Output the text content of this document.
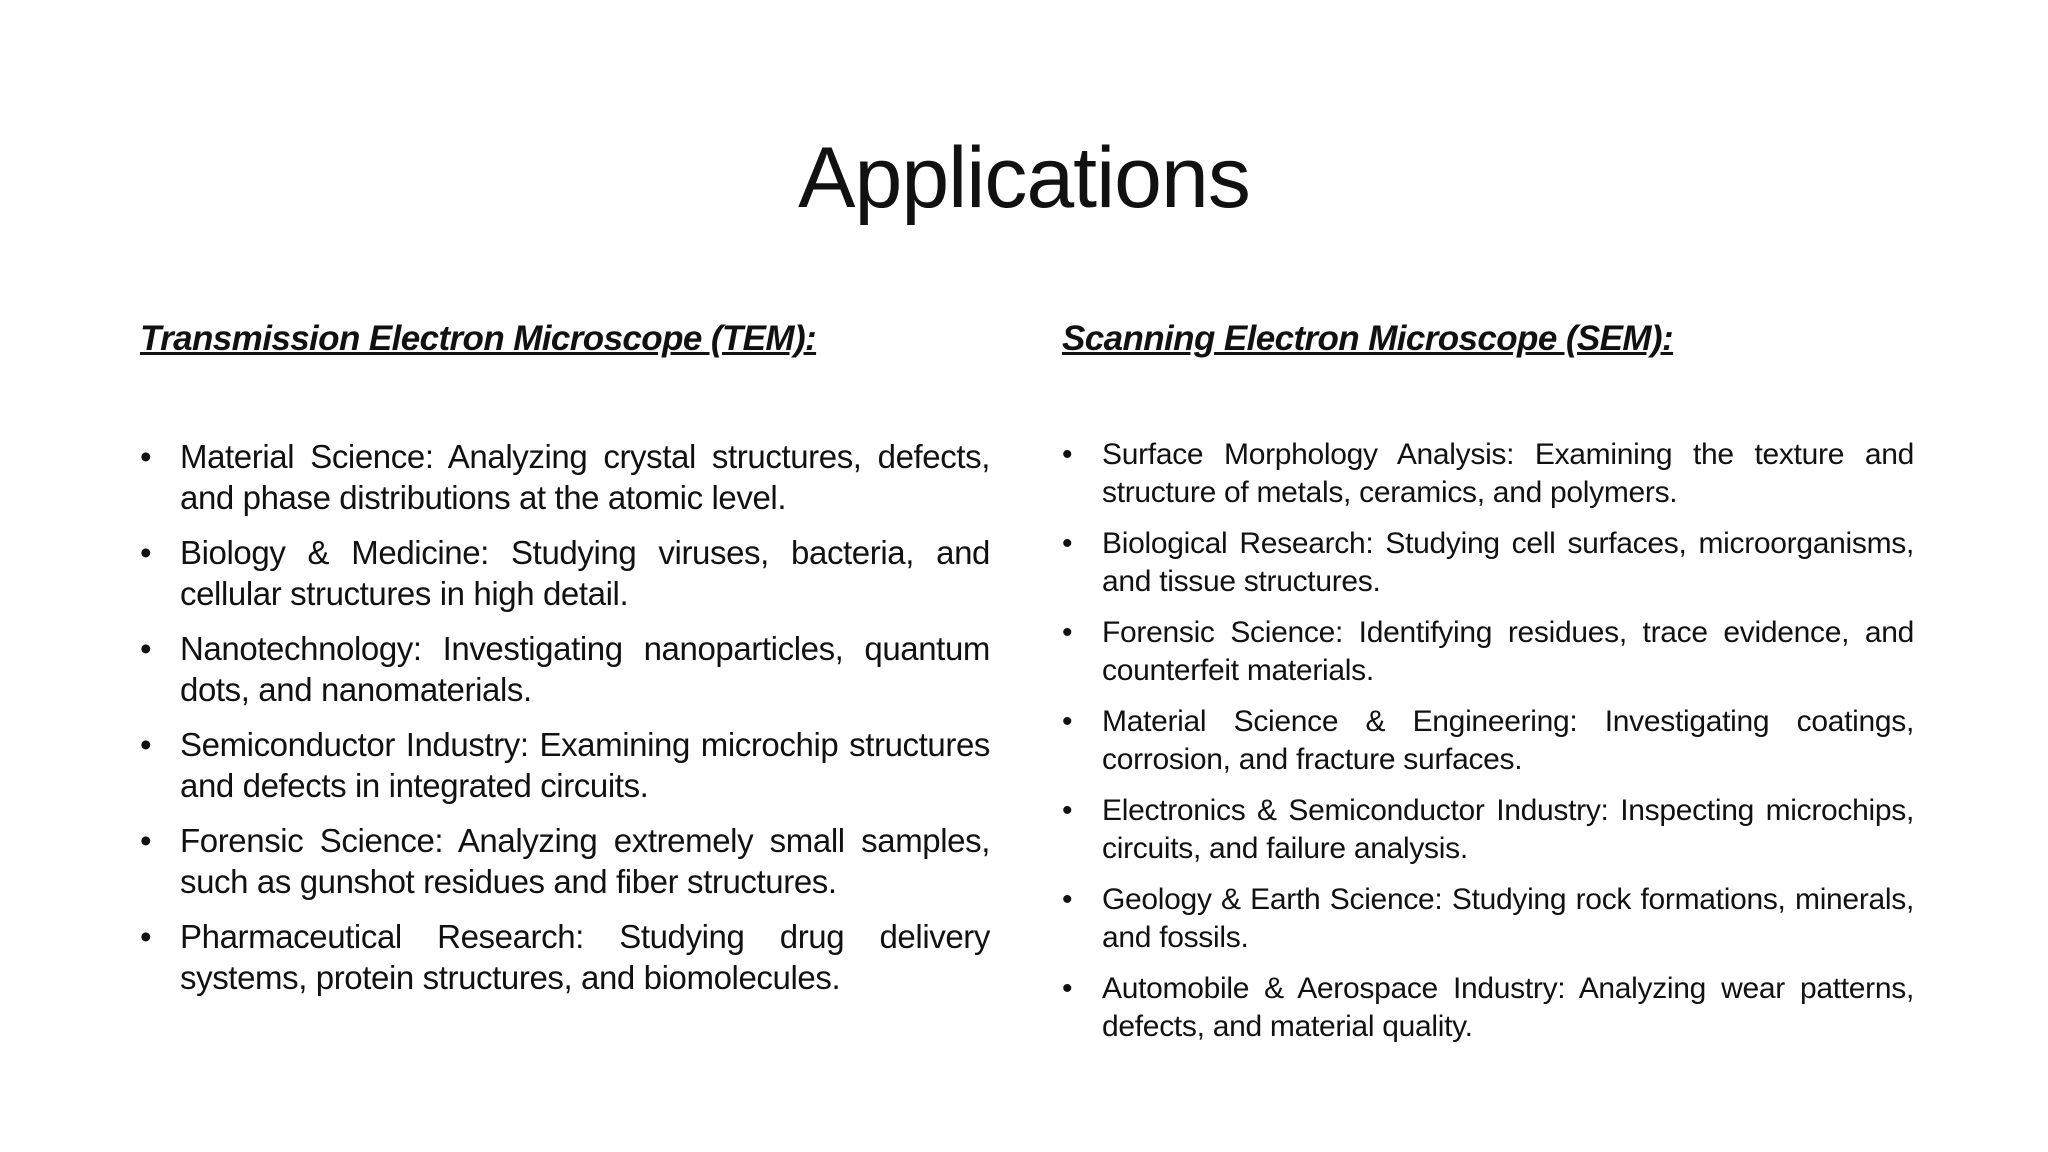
Applications

Transmission Electron Microscope (TEM):

• Material Science: Analyzing crystal structures, defects, and phase distributions at the atomic level.
• Biology & Medicine: Studying viruses, bacteria, and cellular structures in high detail.
• Nanotechnology: Investigating nanoparticles, quantum dots, and nanomaterials.
• Semiconductor Industry: Examining microchip structures and defects in integrated circuits.
• Forensic Science: Analyzing extremely small samples, such as gunshot residues and fiber structures.
• Pharmaceutical Research: Studying drug delivery systems, protein structures, and biomolecules.

Scanning Electron Microscope (SEM):

• Surface Morphology Analysis: Examining the texture and structure of metals, ceramics, and polymers.
• Biological Research: Studying cell surfaces, microorganisms, and tissue structures.
• Forensic Science: Identifying residues, trace evidence, and counterfeit materials.
• Material Science & Engineering: Investigating coatings, corrosion, and fracture surfaces.
• Electronics & Semiconductor Industry: Inspecting microchips, circuits, and failure analysis.
• Geology & Earth Science: Studying rock formations, minerals, and fossils.
• Automobile & Aerospace Industry: Analyzing wear patterns, defects, and material quality.
